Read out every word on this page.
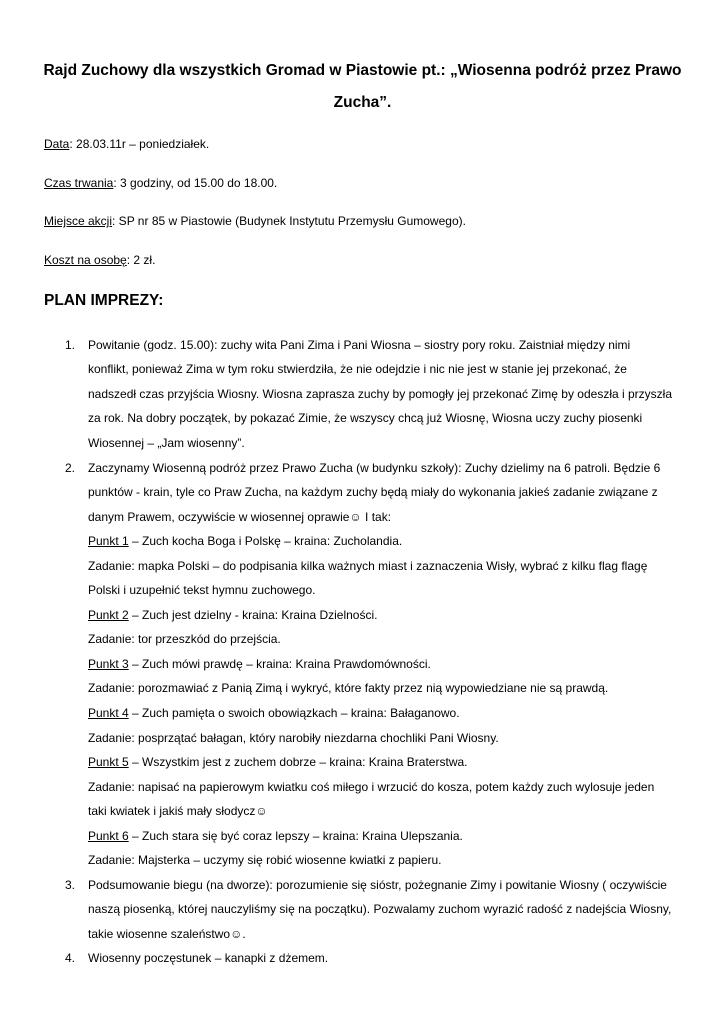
Rajd Zuchowy dla wszystkich Gromad w Piastowie pt.: „Wiosenna podróż przez Prawo
Zucha”.
Data: 28.03.11r – poniedziałek.
Czas trwania: 3 godziny, od 15.00 do 18.00.
Miejsce akcji: SP nr 85 w Piastowie (Budynek Instytutu Przemysłu Gumowego).
Koszt na osobę: 2 zł.
PLAN IMPREZY:
1. Powitanie (godz. 15.00): zuchy wita Pani Zima i Pani Wiosna – siostry pory roku. Zaistniał między nimi
konflikt, ponieważ Zima w tym roku stwierdziła, że nie odejdzie i nic nie jest w stanie jej przekonać, że
nadszedł czas przyjścia Wiosny. Wiosna zaprasza zuchy by pomogły jej przekonać Zimę by odeszła i przyszła
za rok. Na dobry początek, by pokazać Zimie, że wszyscy chcą już Wiosnę, Wiosna uczy zuchy piosenki
Wiosennej – „Jam wiosenny”.
2. Zaczynamy Wiosenną podróż przez Prawo Zucha (w budynku szkoły): Zuchy dzielimy na 6 patroli. Będzie 6
punktów - krain, tyle co Praw Zucha, na każdym zuchy będą miały do wykonania jakieś zadanie związane z
danym Prawem, oczywiście w wiosennej oprawie☺ I tak:
Punkt 1 – Zuch kocha Boga i Polskę – kraina: Zucholandia.
Zadanie: mapka Polski – do podpisania kilka ważnych miast i zaznaczenia Wisły, wybrać z kilku flag flagę
Polski i uzupełnić tekst hymnu zuchowego.
Punkt 2 – Zuch jest dzielny - kraina: Kraina Dzielności.
Zadanie: tor przeszkód do przejścia.
Punkt 3 – Zuch mówi prawdę – kraina: Kraina Prawdomówności.
Zadanie: porozmawiać z Panią Zimą i wykryć, które fakty przez nią wypowiedziane nie są prawdą.
Punkt 4 – Zuch pamięta o swoich obowiązkach – kraina: Bałaganowo.
Zadanie: posprzątać bałagan, który narobiły niezdarna chochliki Pani Wiosny.
Punkt 5 – Wszystkim jest z zuchem dobrze – kraina: Kraina Braterstwa.
Zadanie: napisać na papierowym kwiatku coś miłego i wrzucić do kosza, potem każdy zuch wylosuje jeden
taki kwiatek i jakiś mały słodycz☺
Punkt 6 – Zuch stara się być coraz lepszy – kraina: Kraina Ulepszania.
Zadanie: Majsterka – uczymy się robić wiosenne kwiatki z papieru.
3. Podsumowanie biegu (na dworze): porozumienie się sióstr, pożegnanie Zimy i powitanie Wiosny ( oczywiście
naszą piosenką, której nauczyliśmy się na początku). Pozwalamy zuchom wyrazić radość z nadejścia Wiosny,
takie wiosenne szaleństwo☺.
4. Wiosenny poczęstunek – kanapki z dżemem.
